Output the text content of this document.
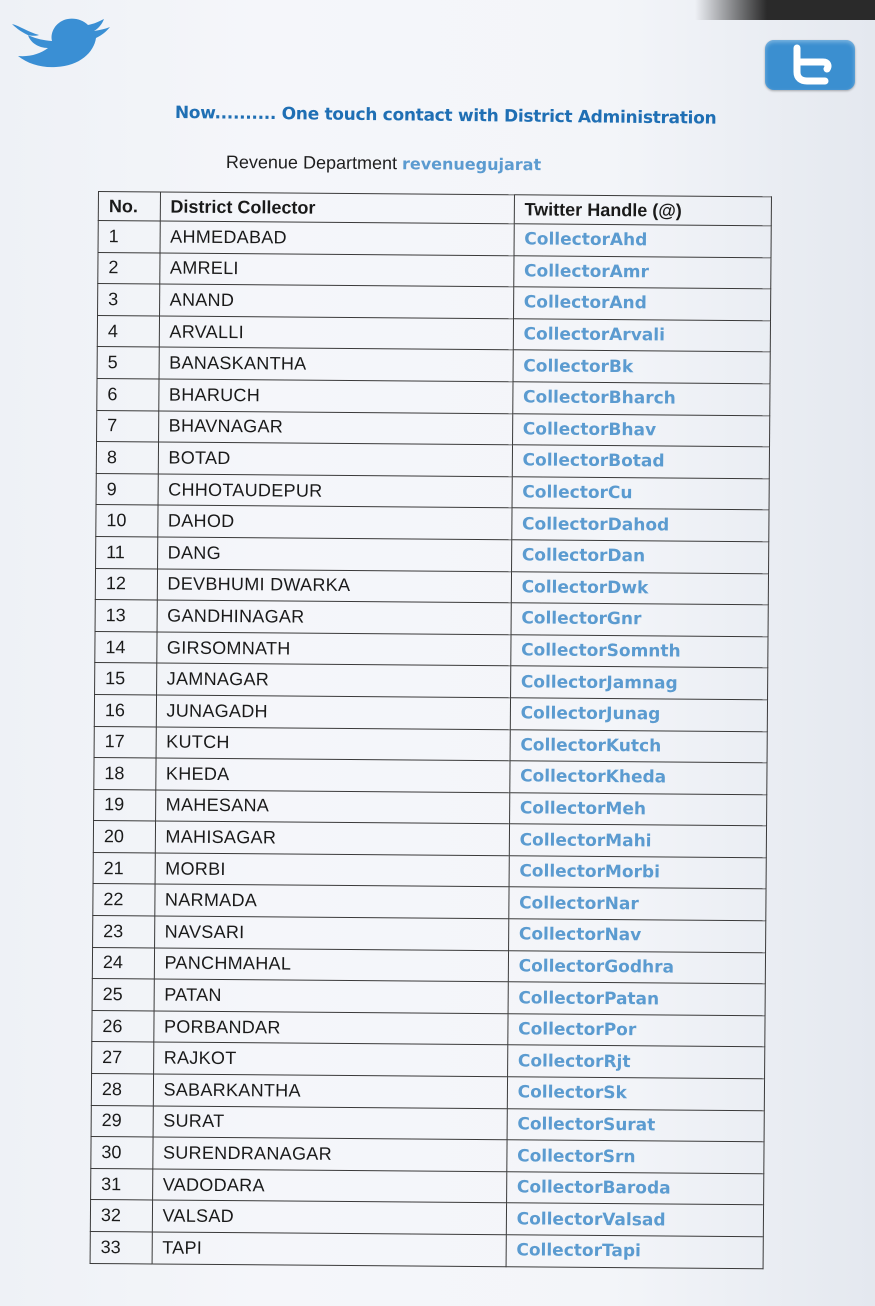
Now.......... One touch contact with District Administration
Revenue Department revenuegujarat
No.	District Collector	Twitter Handle (@)
1	AHMEDABAD	CollectorAhd
2	AMRELI	CollectorAmr
3	ANAND	CollectorAnd
4	ARVALLI	CollectorArvali
5	BANASKANTHA	CollectorBk
6	BHARUCH	CollectorBharch
7	BHAVNAGAR	CollectorBhav
8	BOTAD	CollectorBotad
9	CHHOTAUDEPUR	CollectorCu
10	DAHOD	CollectorDahod
11	DANG	CollectorDan
12	DEVBHUMI DWARKA	CollectorDwk
13	GANDHINAGAR	CollectorGnr
14	GIRSOMNATH	CollectorSomnth
15	JAMNAGAR	CollectorJamnag
16	JUNAGADH	CollectorJunag
17	KUTCH	CollectorKutch
18	KHEDA	CollectorKheda
19	MAHESANA	CollectorMeh
20	MAHISAGAR	CollectorMahi
21	MORBI	CollectorMorbi
22	NARMADA	CollectorNar
23	NAVSARI	CollectorNav
24	PANCHMAHAL	CollectorGodhra
25	PATAN	CollectorPatan
26	PORBANDAR	CollectorPor
27	RAJKOT	CollectorRjt
28	SABARKANTHA	CollectorSk
29	SURAT	CollectorSurat
30	SURENDRANAGAR	CollectorSrn
31	VADODARA	CollectorBaroda
32	VALSAD	CollectorValsad
33	TAPI	CollectorTapi
